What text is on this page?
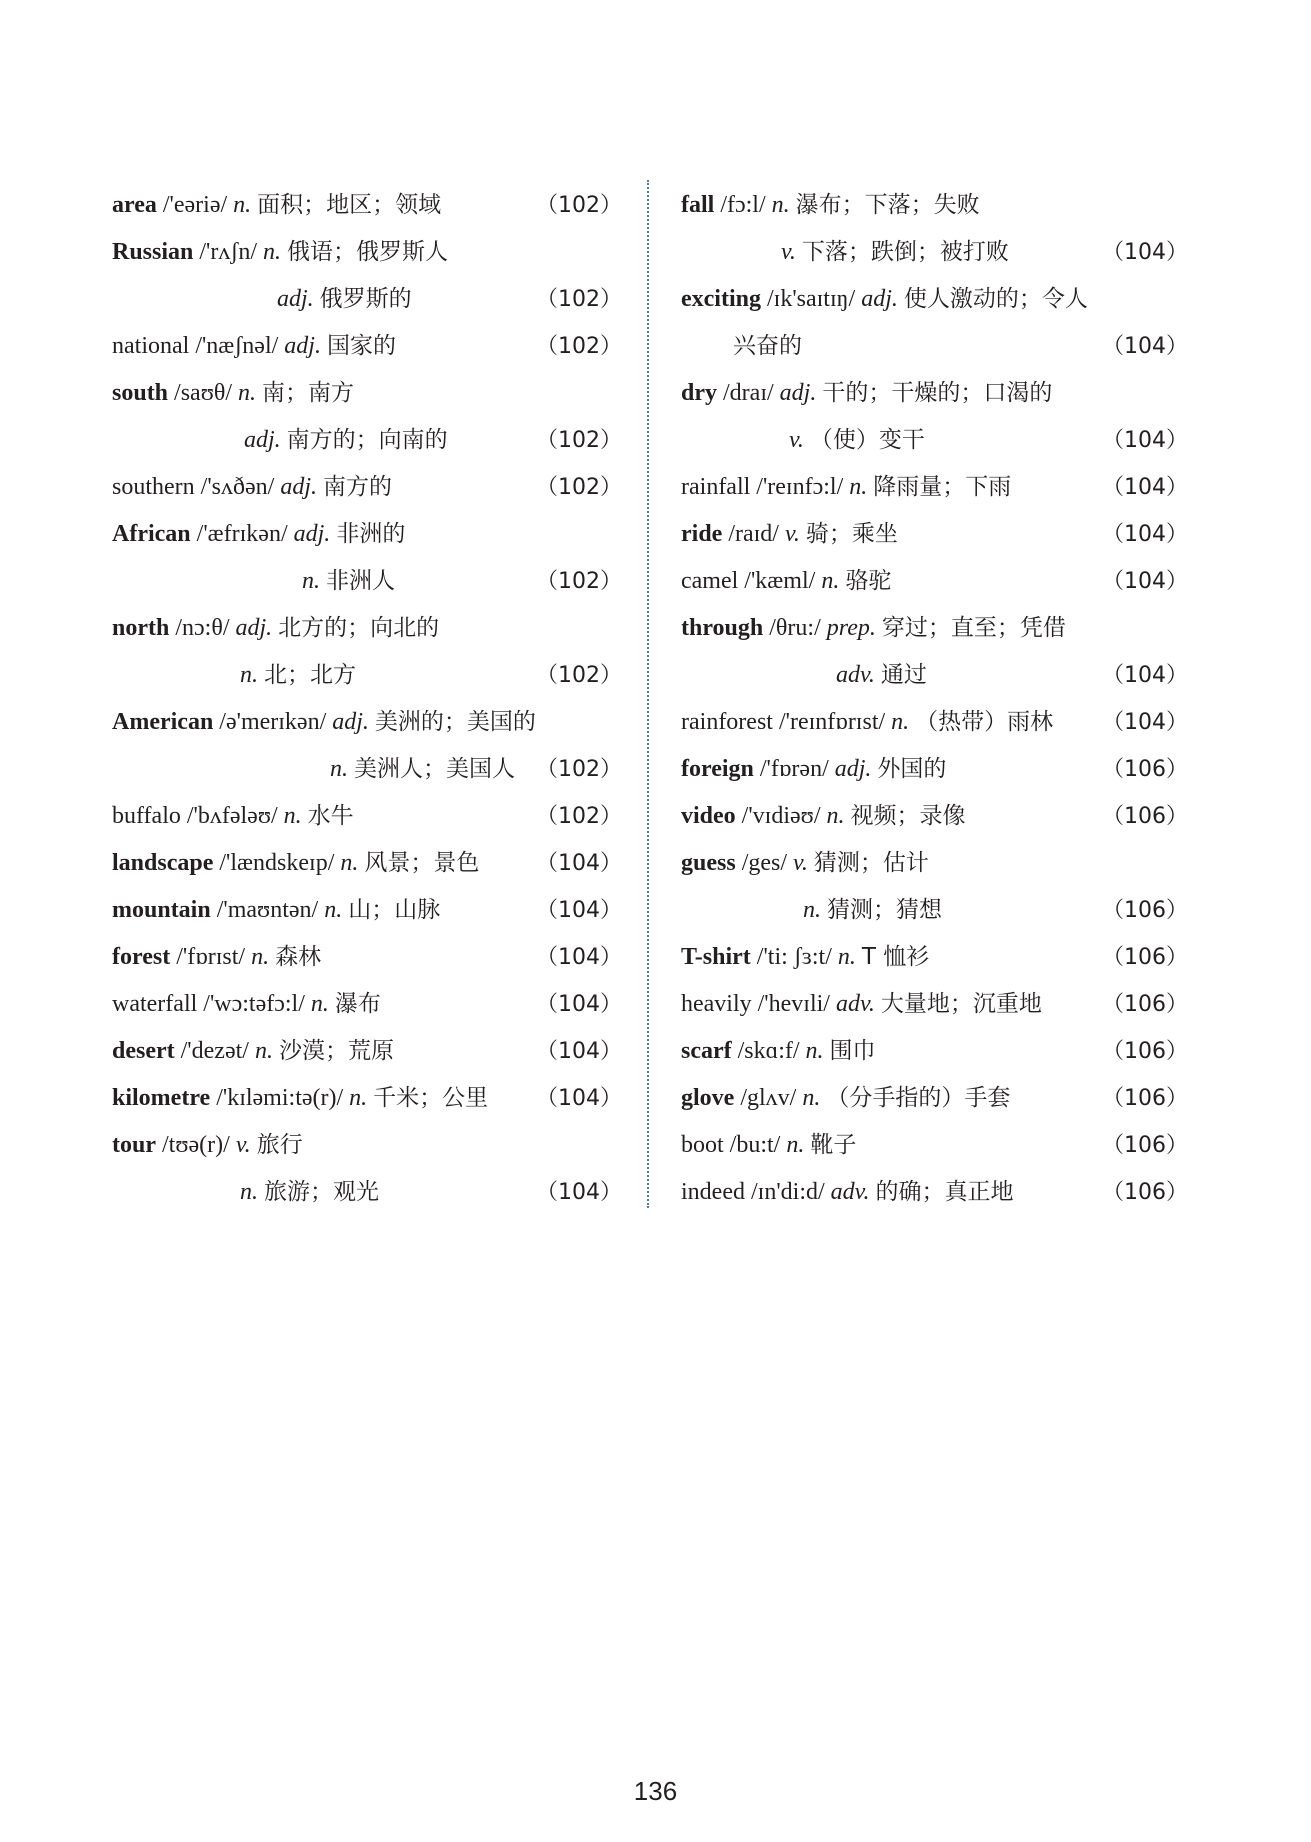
area /'eəriə/ n. 面积；地区；领域	（102）
Russian /'rʌʃn/ n. 俄语；俄罗斯人
adj. 俄罗斯的	（102）
national /'næʃnəl/ adj. 国家的	（102）
south /saʊθ/ n. 南；南方
adj. 南方的；向南的	（102）
southern /'sʌðən/ adj. 南方的	（102）
African /'æfrɪkən/ adj. 非洲的
n. 非洲人	（102）
north /nɔ:θ/ adj. 北方的；向北的
n. 北；北方	（102）
American /ə'merɪkən/ adj. 美洲的；美国的
n. 美洲人；美国人 （102）
buffalo /'bʌfələʊ/ n. 水牛	（102）
landscape /'lændskeɪp/ n. 风景；景色	（104）
mountain /'maʊntən/ n. 山；山脉	（104）
forest /'fɒrɪst/ n. 森林	（104）
waterfall /'wɔ:təfɔ:l/ n. 瀑布	（104）
desert /'dezət/ n. 沙漠；荒原	（104）
kilometre /'kɪləmi:tə(r)/ n. 千米；公里 （104）
tour /tʊə(r)/ v. 旅行
n. 旅游；观光	（104）
fall /fɔ:l/ n. 瀑布；下落；失败
v. 下落；跌倒；被打败	（104）
exciting /ɪk'saɪtɪŋ/ adj. 使人激动的；令人
兴奋的	（104）
dry /draɪ/ adj. 干的；干燥的；口渴的
v. （使）变干	（104）
rainfall /'reɪnfɔ:l/ n. 降雨量；下雨	（104）
ride /raɪd/ v. 骑；乘坐	（104）
camel /'kæml/ n. 骆驼	（104）
through /θru:/ prep. 穿过；直至；凭借
adv. 通过	（104）
rainforest /'reɪnfɒrɪst/ n. （热带）雨林 （104）
foreign /'fɒrən/ adj. 外国的	（106）
video /'vɪdiəʊ/ n. 视频；录像	（106）
guess /ges/ v. 猜测；估计
n. 猜测；猜想	（106）
T-shirt /'ti: ʃɜ:t/ n. T 恤衫	（106）
heavily /'hevɪli/ adv. 大量地；沉重地	（106）
scarf /skɑ:f/ n. 围巾	（106）
glove /glʌv/ n. （分手指的）手套	（106）
boot /bu:t/ n. 靴子	（106）
indeed /ɪn'di:d/ adv. 的确；真正地	（106）
136
